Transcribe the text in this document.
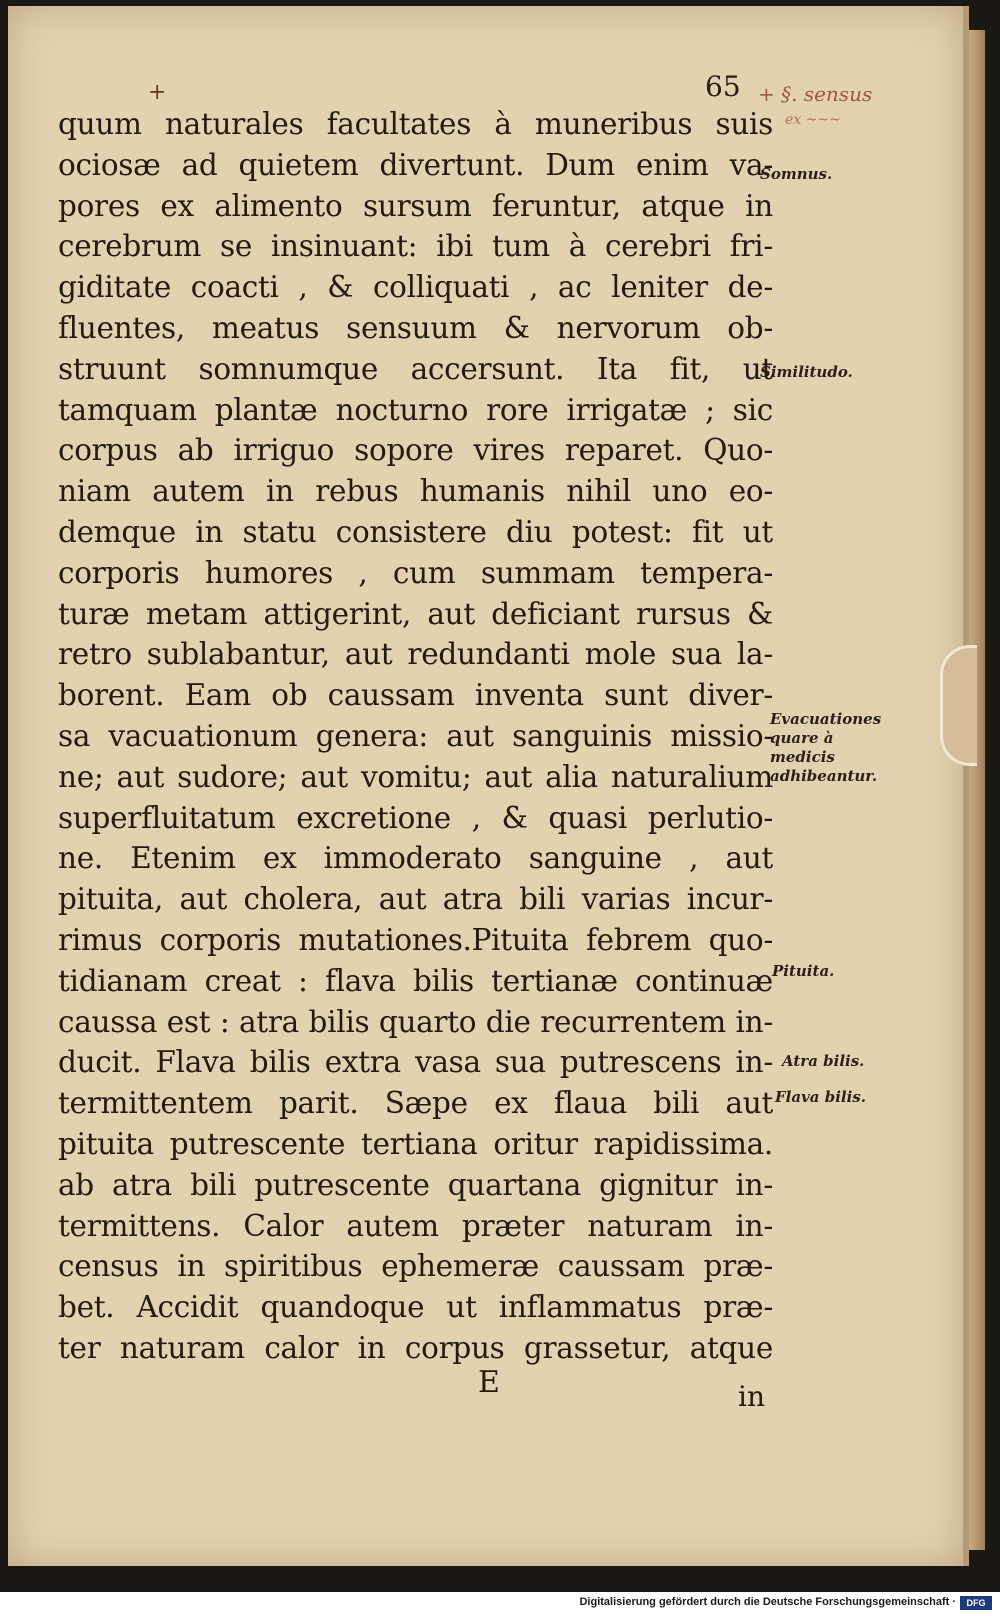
+	65 + §. sensus
ex ~~~
quum naturales facultates à muneribus suis
ociosæ ad quietem divertunt. Dum enim va-
pores ex alimento sursum feruntur, atque in
cerebrum se insinuant: ibi tum à cerebri fri-
giditate coacti , & colliquati , ac leniter de-
fluentes, meatus sensuum & nervorum ob-
struunt somnumque accersunt. Ita fit, ut
tamquam plantæ nocturno rore irrigatæ ; sic
corpus ab irriguo sopore vires reparet. Quo-
niam autem in rebus humanis nihil uno eo-
demque in statu consistere diu potest: fit ut
corporis humores , cum summam tempera-
turæ metam attigerint, aut deficiant rursus &
retro sublabantur, aut redundanti mole sua la-
borent. Eam ob caussam inventa sunt diver-
sa vacuationum genera: aut sanguinis missio-
ne; aut sudore; aut vomitu; aut alia naturalium
superfluitatum excretione , & quasi perlutio-
ne. Etenim ex immoderato sanguine , aut
pituita, aut cholera, aut atra bili varias incur-
rimus corporis mutationes.Pituita febrem quo-
tidianam creat : flava bilis tertianæ continuæ
caussa est : atra bilis quarto die recurrentem in-
ducit. Flava bilis extra vasa sua putrescens in-
termittentem parit. Sæpe ex flaua bili aut
pituita putrescente tertiana oritur rapidissima.
ab atra bili putrescente quartana gignitur in-
termittens. Calor autem præter naturam in-
census in spiritibus ephemeræ caussam præ-
bet. Accidit quandoque ut inflammatus præ-
ter naturam calor in corpus grassetur, atque
Somnus.
Similitudo.
Evacuationes quare à medicis adhibeantur.
Pituita.
Atra bilis.
Flava bilis.
E	in
Digitalisierung gefördert durch die Deutsche Forschungsgemeinschaft ·	DFG
